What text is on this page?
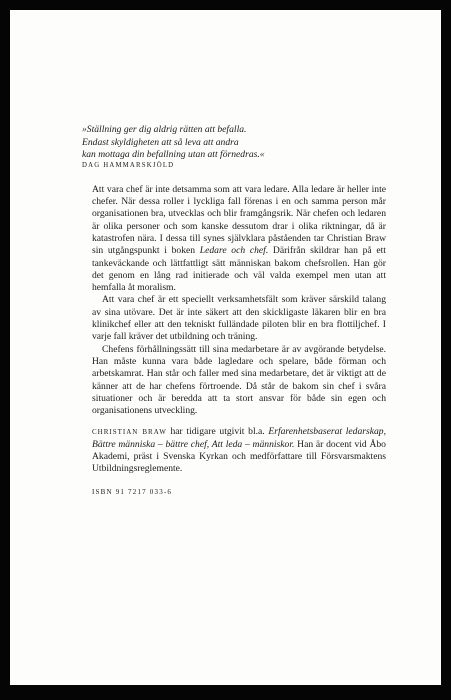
»Ställning ger dig aldrig rätten att befalla.
Endast skyldigheten att så leva att andra
kan mottaga din befallning utan att förnedras.«

DAG HAMMARSKJÖLD

Att vara chef är inte detsamma som att vara ledare. Alla ledare är heller inte chefer. När dessa roller i lyckliga fall förenas i en och samma person mår organisationen bra, utvecklas och blir framgångsrik. När chefen och ledaren är olika personer och som kanske dessutom drar i olika riktningar, då är katastrofen nära. I dessa till synes självklara påståenden tar Christian Braw sin utgångspunkt i boken Ledare och chef. Därifrån skildrar han på ett tankeväckande och lättfattligt sätt människan bakom chefsrollen. Han gör det genom en lång rad initierade och väl valda exempel men utan att hemfalla åt moralism.

Att vara chef är ett speciellt verksamhetsfält som kräver särskild talang av sina utövare. Det är inte säkert att den skickligaste läkaren blir en bra klinikchef eller att den tekniskt fulländade piloten blir en bra flottiljchef. I varje fall kräver det utbildning och träning.

Chefens förhållningssätt till sina medarbetare är av avgörande betydelse. Han måste kunna vara både lagledare och spelare, både förman och arbetskamrat. Han står och faller med sina medarbetare, det är viktigt att de känner att de har chefens förtroende. Då står de bakom sin chef i svåra situationer och är beredda att ta stort ansvar för både sin egen och organisationens utveckling.

CHRISTIAN BRAW har tidigare utgivit bl.a. Erfarenhetsbaserat ledarskap, Bättre människa – bättre chef, Att leda – människor. Han är docent vid Åbo Akademi, präst i Svenska Kyrkan och medförfattare till Försvarsmaktens Utbildningsreglemente.

ISBN 91 7217 033-6
